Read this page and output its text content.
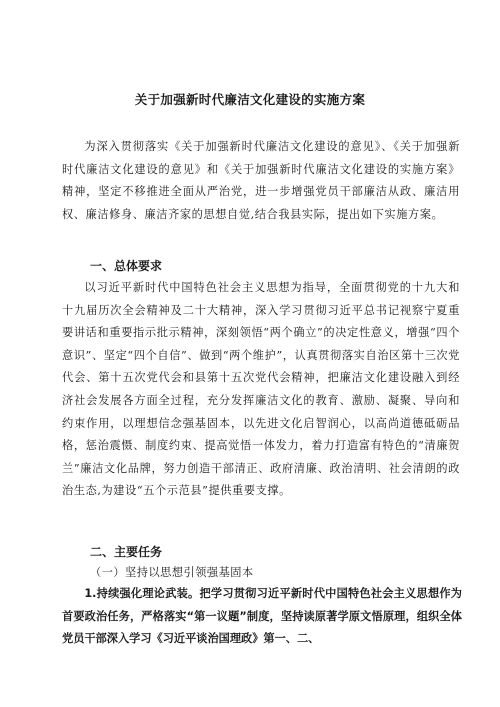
关于加强新时代廉洁文化建设的实施方案

为深入贯彻落实《关于加强新时代廉洁文化建设的意见》、《关于加强新时代廉洁文化建设的意见》和《关于加强新时代廉洁文化建设的实施方案》精神，坚定不移推进全面从严治党，进一步增强党员干部廉洁从政、廉洁用权、廉洁修身、廉洁齐家的思想自觉,结合我县实际，提出如下实施方案。

一、总体要求

以习近平新时代中国特色社会主义思想为指导，全面贯彻党的十九大和十九届历次全会精神及二十大精神，深入学习贯彻习近平总书记视察宁夏重要讲话和重要指示批示精神，深刻领悟“两个确立”的决定性意义，增强“四个意识”、坚定“四个自信”、做到“两个维护”，认真贯彻落实自治区第十三次党代会、第十五次党代会和县第十五次党代会精神，把廉洁文化建设融入到经济社会发展各方面全过程，充分发挥廉洁文化的教育、激励、凝聚、导向和约束作用，以理想信念强基固本，以先进文化启智润心，以高尚道德砥砺品格，惩治震慑、制度约束、提高觉悟一体发力，着力打造富有特色的“清廉贺兰”廉洁文化品牌，努力创造干部清正、政府清廉、政治清明、社会清朗的政治生态,为建设“五个示范县”提供重要支撑。

二、主要任务
（一）坚持以思想引领强基固本

1.持续强化理论武装。把学习贯彻习近平新时代中国特色社会主义思想作为首要政治任务，严格落实“第一议题”制度，坚持读原著学原文悟原理，组织全体党员干部深入学习《习近平谈治国理政》第一、二、
